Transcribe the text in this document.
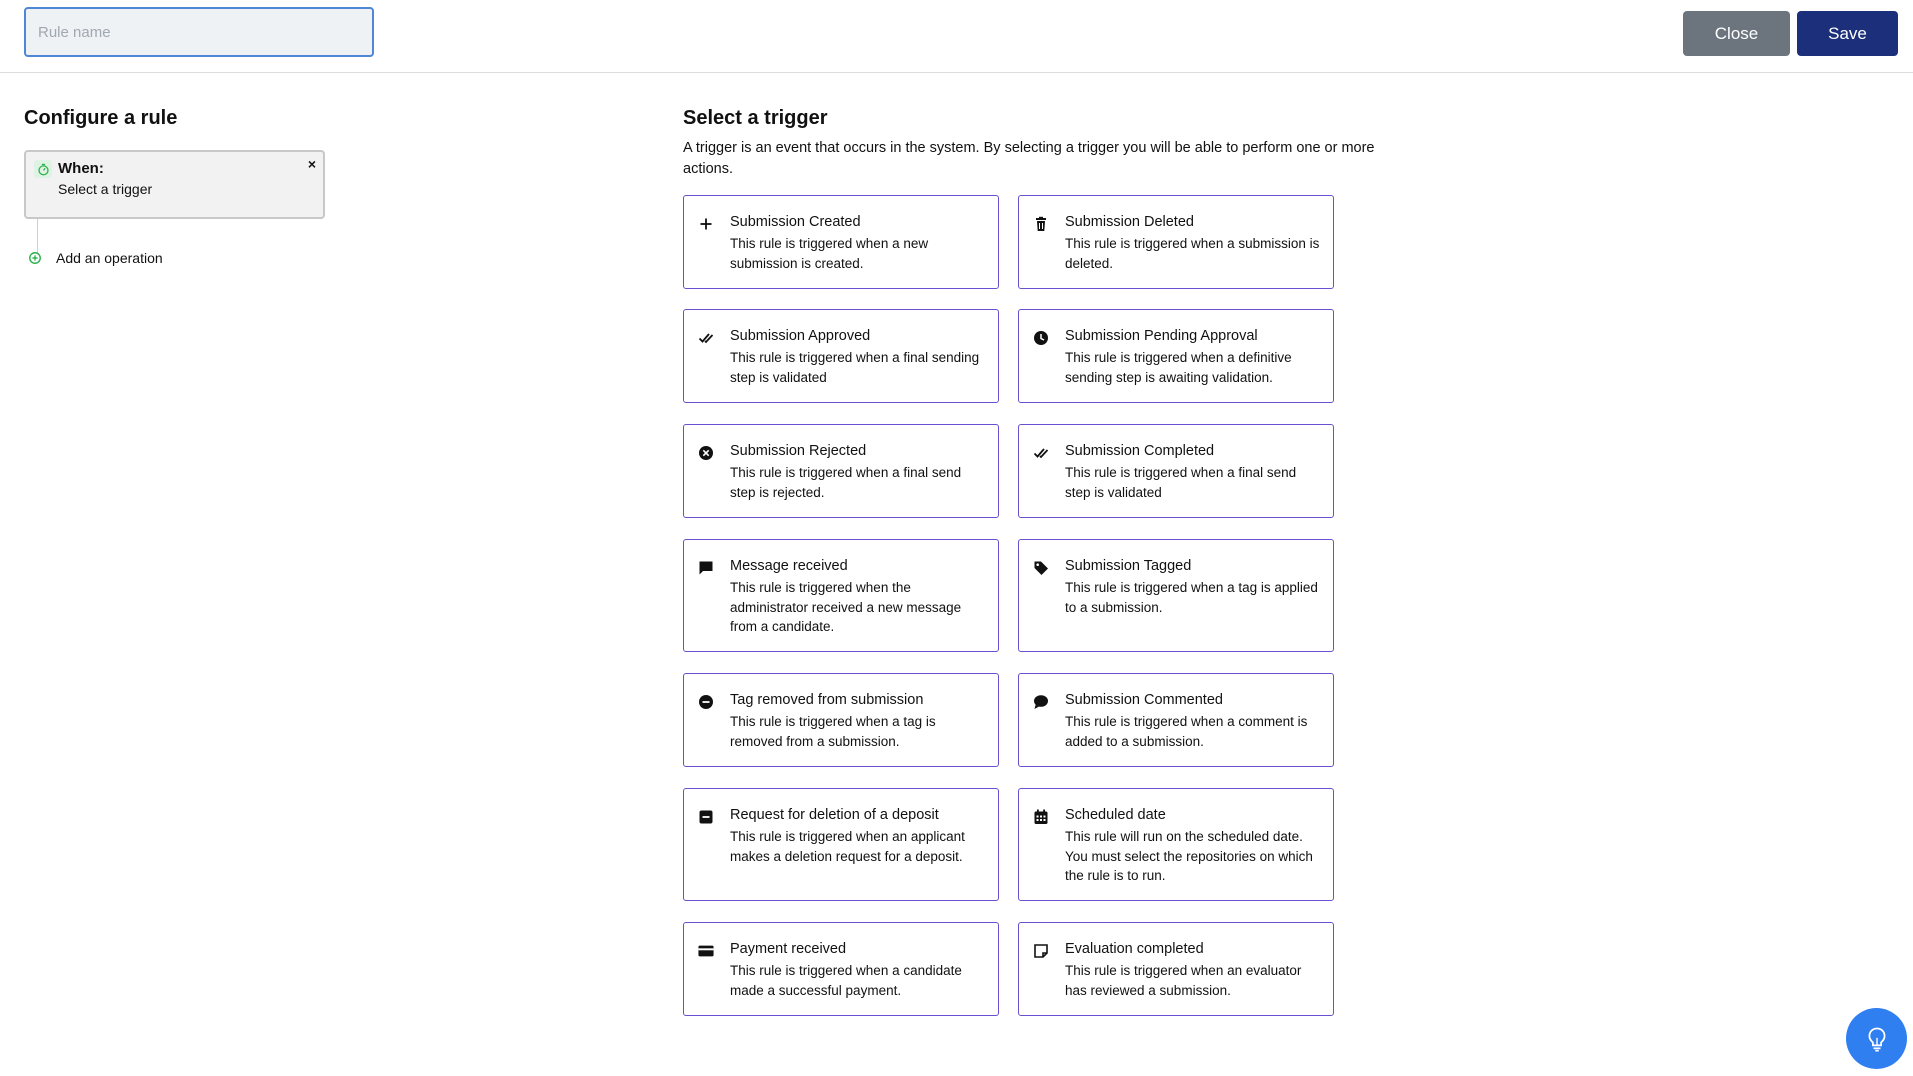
Rule name
Close	Save
Configure a rule
When:
Select a trigger
×
Add an operation
Select a trigger
A trigger is an event that occurs in the system. By selecting a trigger you will be able to perform one or more actions.
Submission Created
This rule is triggered when a new submission is created.
Submission Deleted
This rule is triggered when a submission is deleted.
Submission Approved
This rule is triggered when a final sending step is validated
Submission Pending Approval
This rule is triggered when a definitive sending step is awaiting validation.
Submission Rejected
This rule is triggered when a final send step is rejected.
Submission Completed
This rule is triggered when a final send step is validated
Message received
This rule is triggered when the administrator received a new message from a candidate.
Submission Tagged
This rule is triggered when a tag is applied to a submission.
Tag removed from submission
This rule is triggered when a tag is removed from a submission.
Submission Commented
This rule is triggered when a comment is added to a submission.
Request for deletion of a deposit
This rule is triggered when an applicant makes a deletion request for a deposit.
Scheduled date
This rule will run on the scheduled date. You must select the repositories on which the rule is to run.
Payment received
This rule is triggered when a candidate made a successful payment.
Evaluation completed
This rule is triggered when an evaluator has reviewed a submission.
